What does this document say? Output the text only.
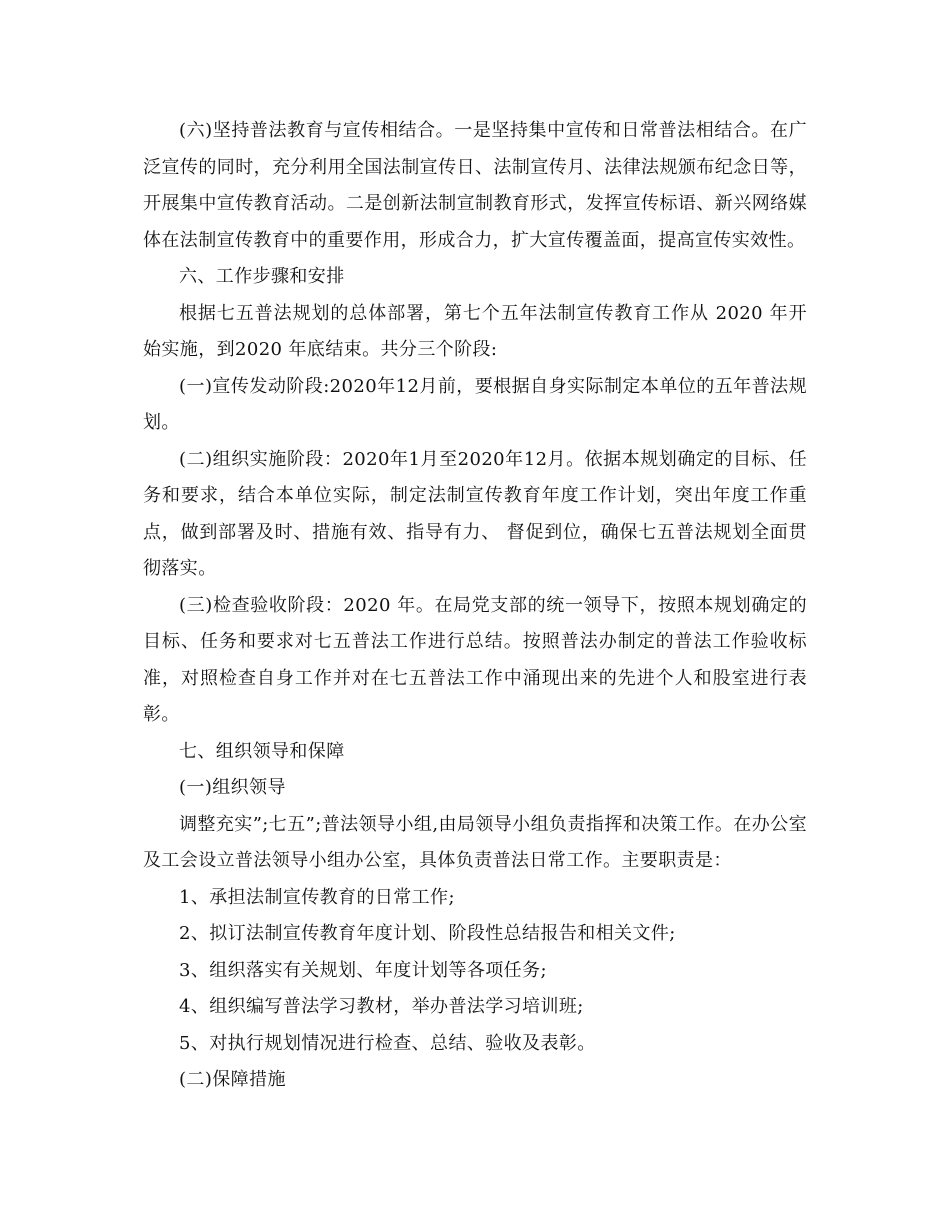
(六)坚持普法教育与宣传相结合。一是坚持集中宣传和日常普法相结合。在广泛宣传的同时，充分利用全国法制宣传日、法制宣传月、法律法规颁布纪念日等，开展集中宣传教育活动。二是创新法制宣制教育形式，发挥宣传标语、新兴网络媒体在法制宣传教育中的重要作用，形成合力，扩大宣传覆盖面，提高宣传实效性。

六、工作步骤和安排

根据七五普法规划的总体部署，第七个五年法制宣传教育工作从 2020 年开始实施，到2020 年底结束。共分三个阶段:

(一)宣传发动阶段:2020年12月前，要根据自身实际制定本单位的五年普法规划。

(二)组织实施阶段：2020年1月至2020年12月。依据本规划确定的目标、任务和要求，结合本单位实际，制定法制宣传教育年度工作计划，突出年度工作重点，做到部署及时、措施有效、指导有力、 督促到位，确保七五普法规划全面贯彻落实。

(三)检查验收阶段：2020 年。在局党支部的统一领导下，按照本规划确定的目标、任务和要求对七五普法工作进行总结。按照普法办制定的普法工作验收标准，对照检查自身工作并对在七五普法工作中涌现出来的先进个人和股室进行表彰。

七、组织领导和保障

(一)组织领导

调整充实”;七五”;普法领导小组,由局领导小组负责指挥和决策工作。在办公室及工会设立普法领导小组办公室，具体负责普法日常工作。主要职责是：

1、承担法制宣传教育的日常工作;

2、拟订法制宣传教育年度计划、阶段性总结报告和相关文件;

3、组织落实有关规划、年度计划等各项任务;

4、组织编写普法学习教材，举办普法学习培训班;

5、对执行规划情况进行检查、总结、验收及表彰。

(二)保障措施
